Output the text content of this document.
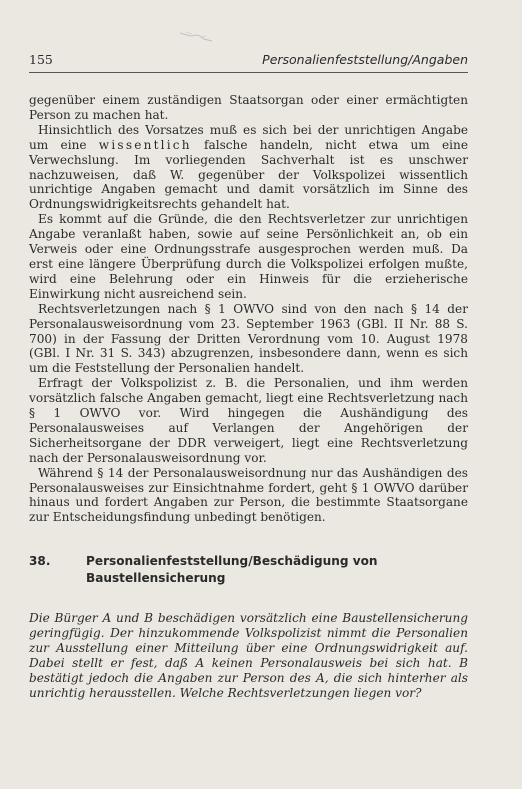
155	Personalienfeststellung/Angaben

gegenüber einem zuständigen Staatsorgan oder einer ermächtigten Person zu machen hat.

Hinsichtlich des Vorsatzes muß es sich bei der unrichtigen Angabe um eine wissentlich falsche handeln, nicht etwa um eine Verwechslung. Im vorliegenden Sachverhalt ist es unschwer nachzuweisen, daß W. gegenüber der Volkspolizei wissentlich unrichtige Angaben gemacht und damit vorsätzlich im Sinne des Ordnungswidrigkeitsrechts gehandelt hat.

Es kommt auf die Gründe, die den Rechtsverletzer zur unrichtigen Angabe veranlaßt haben, sowie auf seine Persönlichkeit an, ob ein Verweis oder eine Ordnungsstrafe ausgesprochen werden muß. Da erst eine längere Überprüfung durch die Volkspolizei erfolgen mußte, wird eine Belehrung oder ein Hinweis für die erzieherische Einwirkung nicht ausreichend sein.

Rechtsverletzungen nach § 1 OWVO sind von den nach § 14 der Personalausweisordnung vom 23. September 1963 (GBl. II Nr. 88 S. 700) in der Fassung der Dritten Verordnung vom 10. August 1978 (GBl. I Nr. 31 S. 343) abzugrenzen, insbesondere dann, wenn es sich um die Feststellung der Personalien handelt.

Erfragt der Volkspolizist z. B. die Personalien, und ihm werden vorsätzlich falsche Angaben gemacht, liegt eine Rechtsverletzung nach § 1 OWVO vor. Wird hingegen die Aushändigung des Personalausweises auf Verlangen der Angehörigen der Sicherheitsorgane der DDR verweigert, liegt eine Rechtsverletzung nach der Personalausweisordnung vor.

Während § 14 der Personalausweisordnung nur das Aushändigen des Personalausweises zur Einsichtnahme fordert, geht § 1 OWVO darüber hinaus und fordert Angaben zur Person, die bestimmte Staatsorgane zur Entscheidungsfindung unbedingt benötigen.

38.	Personalienfeststellung/Beschädigung von Baustellensicherung

Die Bürger A und B beschädigen vorsätzlich eine Baustellensicherung geringfügig. Der hinzukommende Volkspolizist nimmt die Personalien zur Ausstellung einer Mitteilung über eine Ordnungswidrigkeit auf. Dabei stellt er fest, daß A keinen Personalausweis bei sich hat. B bestätigt jedoch die Angaben zur Person des A, die sich hinterher als unrichtig herausstellen. Welche Rechtsverletzungen liegen vor?
